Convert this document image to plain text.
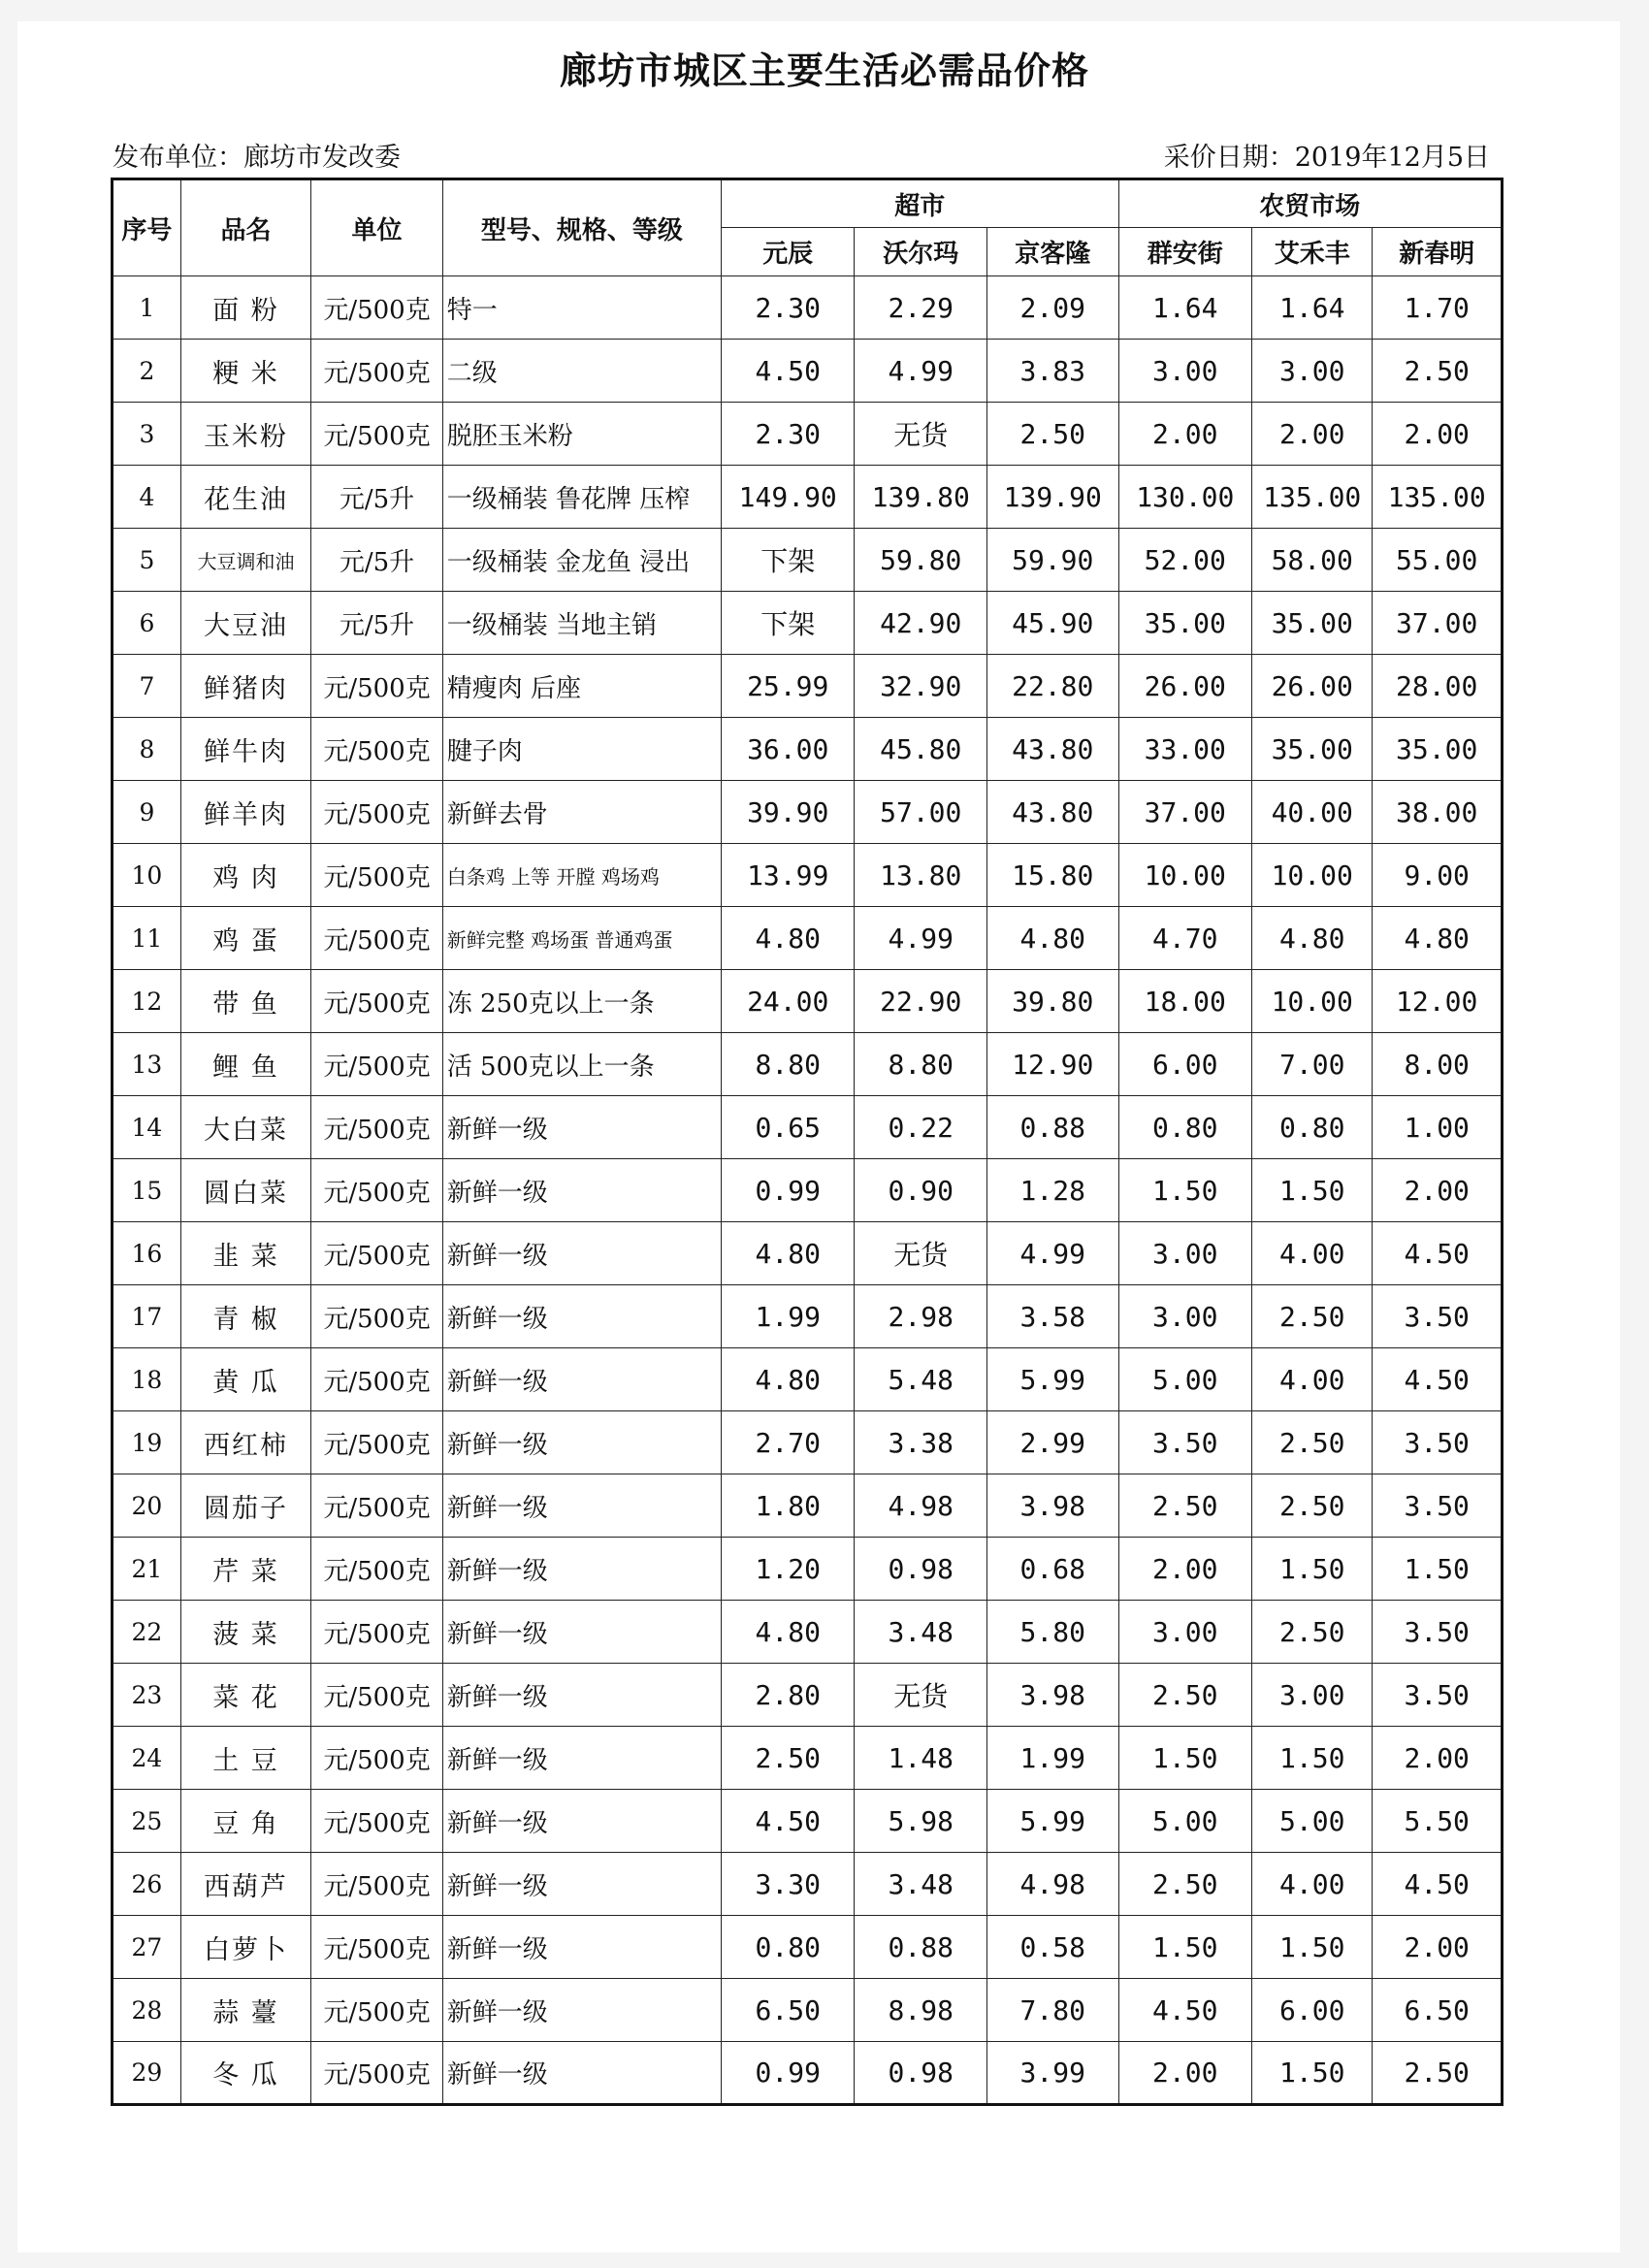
廊坊市城区主要生活必需品价格
发布单位：廊坊市发改委	采价日期：2019年12月5日
序号	品名	单位	型号、规格、等级	超市			农贸市场		
				元辰	沃尔玛	京客隆	群安街	艾禾丰	新春明
1	面 粉	元/500克	特一	2.30	2.29	2.09	1.64	1.64	1.70
2	粳 米	元/500克	二级	4.50	4.99	3.83	3.00	3.00	2.50
3	玉米粉	元/500克	脱胚玉米粉	2.30	无货	2.50	2.00	2.00	2.00
4	花生油	元/5升	一级桶装 鲁花牌 压榨	149.90	139.80	139.90	130.00	135.00	135.00
5	大豆调和油	元/5升	一级桶装 金龙鱼 浸出	下架	59.80	59.90	52.00	58.00	55.00
6	大豆油	元/5升	一级桶装 当地主销	下架	42.90	45.90	35.00	35.00	37.00
7	鲜猪肉	元/500克	精瘦肉 后座	25.99	32.90	22.80	26.00	26.00	28.00
8	鲜牛肉	元/500克	腱子肉	36.00	45.80	43.80	33.00	35.00	35.00
9	鲜羊肉	元/500克	新鲜去骨	39.90	57.00	43.80	37.00	40.00	38.00
10	鸡 肉	元/500克	白条鸡 上等 开膛 鸡场鸡	13.99	13.80	15.80	10.00	10.00	9.00
11	鸡 蛋	元/500克	新鲜完整 鸡场蛋 普通鸡蛋	4.80	4.99	4.80	4.70	4.80	4.80
12	带 鱼	元/500克	冻 250克以上一条	24.00	22.90	39.80	18.00	10.00	12.00
13	鲤 鱼	元/500克	活 500克以上一条	8.80	8.80	12.90	6.00	7.00	8.00
14	大白菜	元/500克	新鲜一级	0.65	0.22	0.88	0.80	0.80	1.00
15	圆白菜	元/500克	新鲜一级	0.99	0.90	1.28	1.50	1.50	2.00
16	韭 菜	元/500克	新鲜一级	4.80	无货	4.99	3.00	4.00	4.50
17	青 椒	元/500克	新鲜一级	1.99	2.98	3.58	3.00	2.50	3.50
18	黄 瓜	元/500克	新鲜一级	4.80	5.48	5.99	5.00	4.00	4.50
19	西红柿	元/500克	新鲜一级	2.70	3.38	2.99	3.50	2.50	3.50
20	圆茄子	元/500克	新鲜一级	1.80	4.98	3.98	2.50	2.50	3.50
21	芹 菜	元/500克	新鲜一级	1.20	0.98	0.68	2.00	1.50	1.50
22	菠 菜	元/500克	新鲜一级	4.80	3.48	5.80	3.00	2.50	3.50
23	菜 花	元/500克	新鲜一级	2.80	无货	3.98	2.50	3.00	3.50
24	土 豆	元/500克	新鲜一级	2.50	1.48	1.99	1.50	1.50	2.00
25	豆 角	元/500克	新鲜一级	4.50	5.98	5.99	5.00	5.00	5.50
26	西葫芦	元/500克	新鲜一级	3.30	3.48	4.98	2.50	4.00	4.50
27	白萝卜	元/500克	新鲜一级	0.80	0.88	0.58	1.50	1.50	2.00
28	蒜 薹	元/500克	新鲜一级	6.50	8.98	7.80	4.50	6.00	6.50
29	冬 瓜	元/500克	新鲜一级	0.99	0.98	3.99	2.00	1.50	2.50
